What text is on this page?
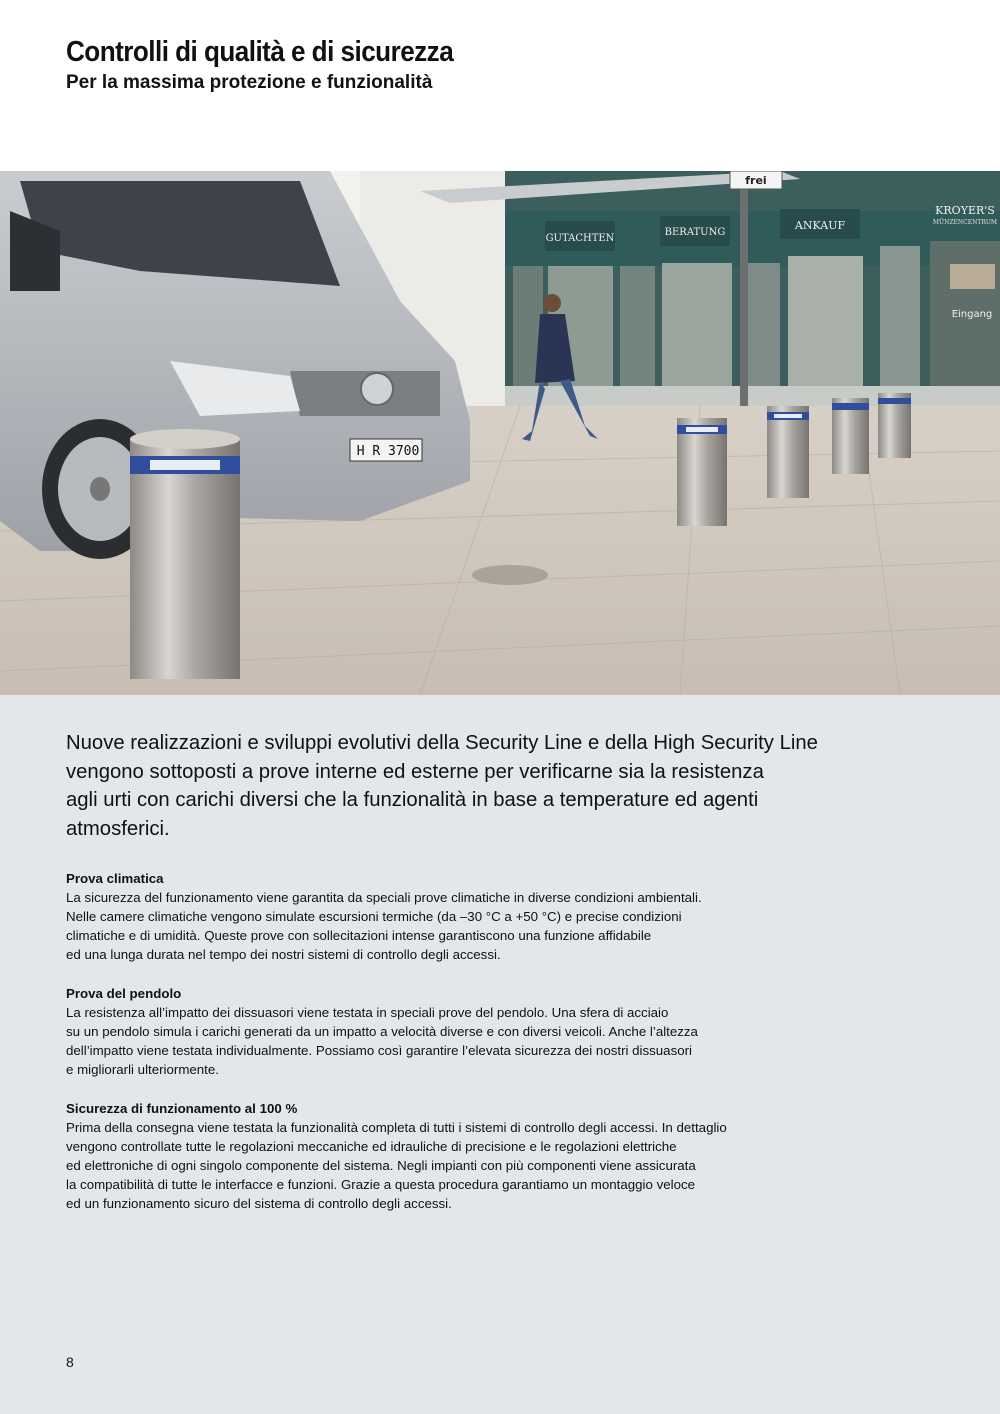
Controlli di qualità e di sicurezza
Per la massima protezione e funzionalità
GUTACHTEN
BERATUNG
ANKAUF
KROYER'S
MÜNZENCENTRUM
Eingang
frei
H R 3700

Nuove realizzazioni e sviluppi evolutivi della Security Line e della High Security Line
vengono sottoposti a prove interne ed esterne per verificarne sia la resistenza
agli urti con carichi diversi che la funzionalità in base a temperature ed agenti
atmosferici.

Prova climatica

La sicurezza del funzionamento viene garantita da speciali prove climatiche in diverse condizioni ambientali.
Nelle camere climatiche vengono simulate escursioni termiche (da –30 °C a +50 °C) e precise condizioni
climatiche e di umidità. Queste prove con sollecitazioni intense garantiscono una funzione affidabile
ed una lunga durata nel tempo dei nostri sistemi di controllo degli accessi.

Prova del pendolo

La resistenza all’impatto dei dissuasori viene testata in speciali prove del pendolo. Una sfera di acciaio
su un pendolo simula i carichi generati da un impatto a velocità diverse e con diversi veicoli. Anche l’altezza
dell’impatto viene testata individualmente. Possiamo così garantire l’elevata sicurezza dei nostri dissuasori
e migliorarli ulteriormente.

Sicurezza di funzionamento al 100 %

Prima della consegna viene testata la funzionalità completa di tutti i sistemi di controllo degli accessi. In dettaglio
vengono controllate tutte le regolazioni meccaniche ed idrauliche di precisione e le regolazioni elettriche
ed elettroniche di ogni singolo componente del sistema. Negli impianti con più componenti viene assicurata
la compatibilità di tutte le interfacce e funzioni. Grazie a questa procedura garantiamo un montaggio veloce
ed un funzionamento sicuro del sistema di controllo degli accessi.

8
